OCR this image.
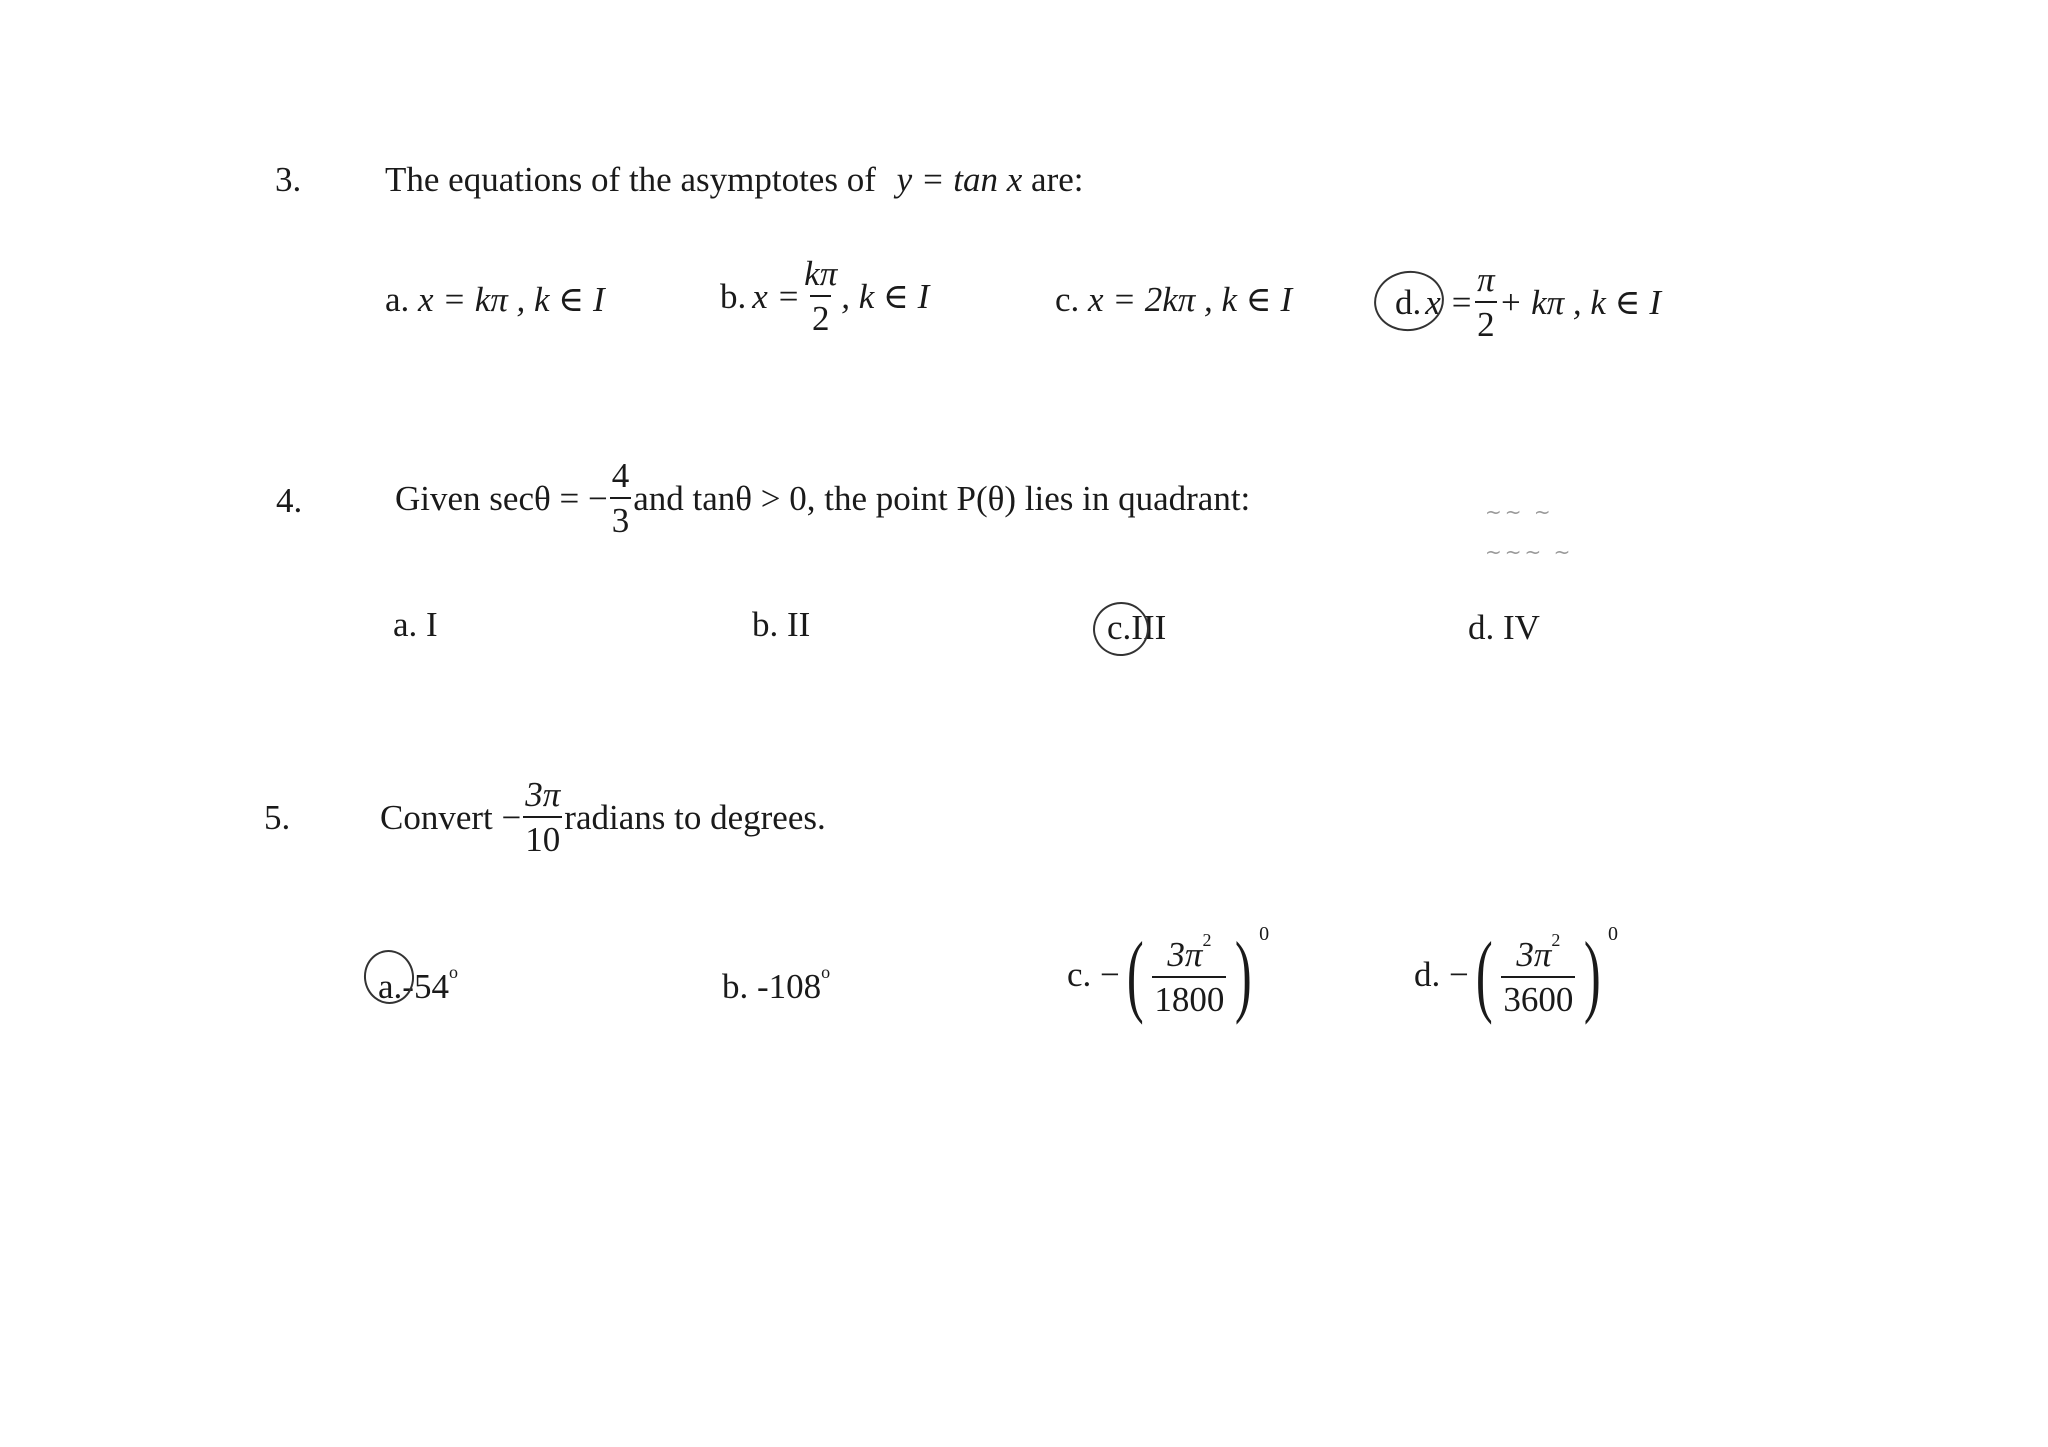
3. The equations of the asymptotes of y = tan x are:
a. x = kπ , k ∈ I	b. $x = \frac{k\pi}{2}$ , k ∈ I	c. x = 2kπ , k ∈ I	d. $x = \frac{\pi}{2} + k\pi$ , k ∈ I
4.	Given secθ = − $\frac{4}{3}$ and tanθ > 0, the point P(θ) lies in quadrant:	~~ ~
~~~ ~
a. I	b. II	c.III	d. IV
5.	Convert − $\frac{3\pi}{10}$ radians to degrees.
a.-54$^o$	b. -108$^o$	c. − ( $\frac{3\pi^2}{1800}$ ) 0
d. − ( $\frac{3\pi^2}{3600}$ ) 0
